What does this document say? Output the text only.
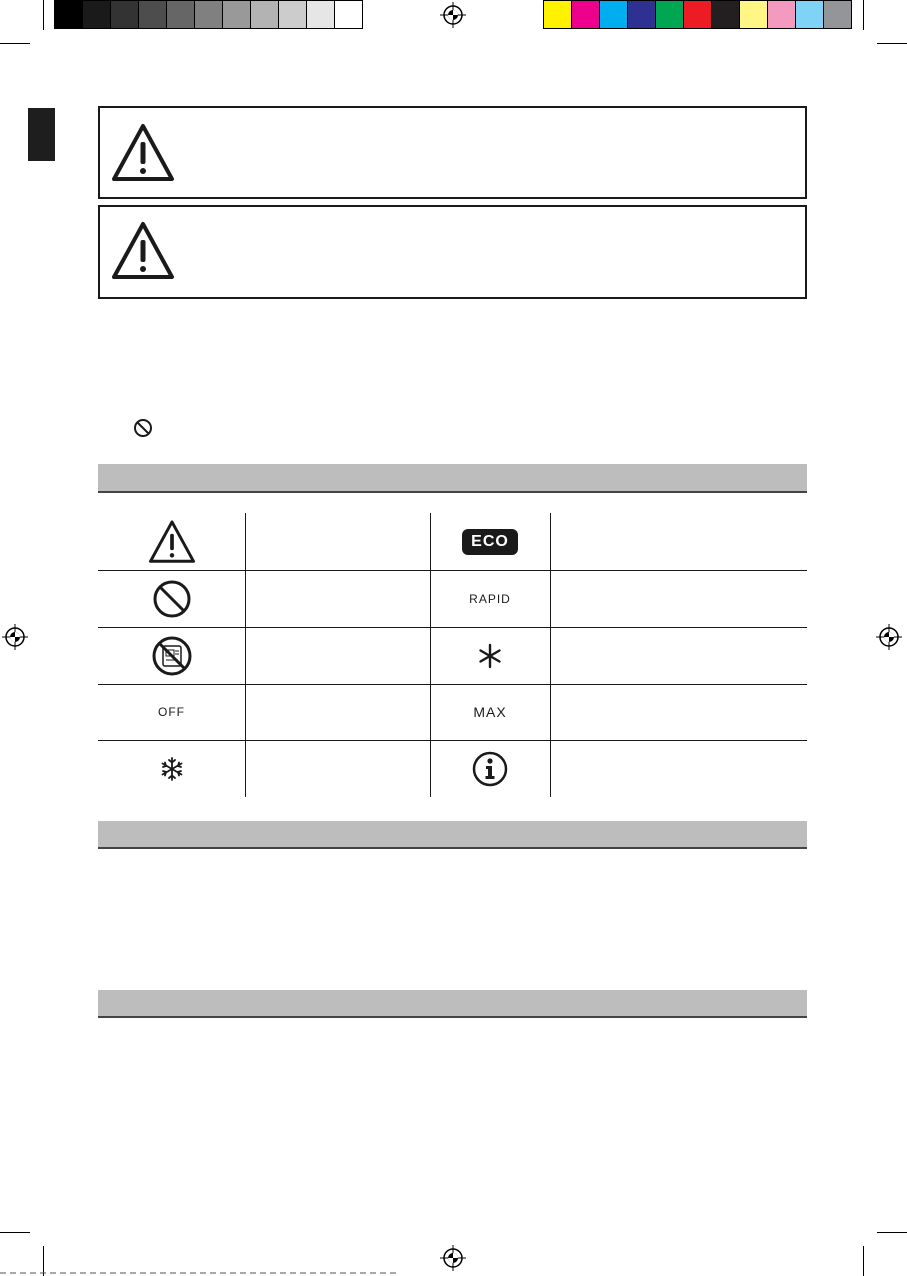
ECO
RAPID
OFF	MAX
